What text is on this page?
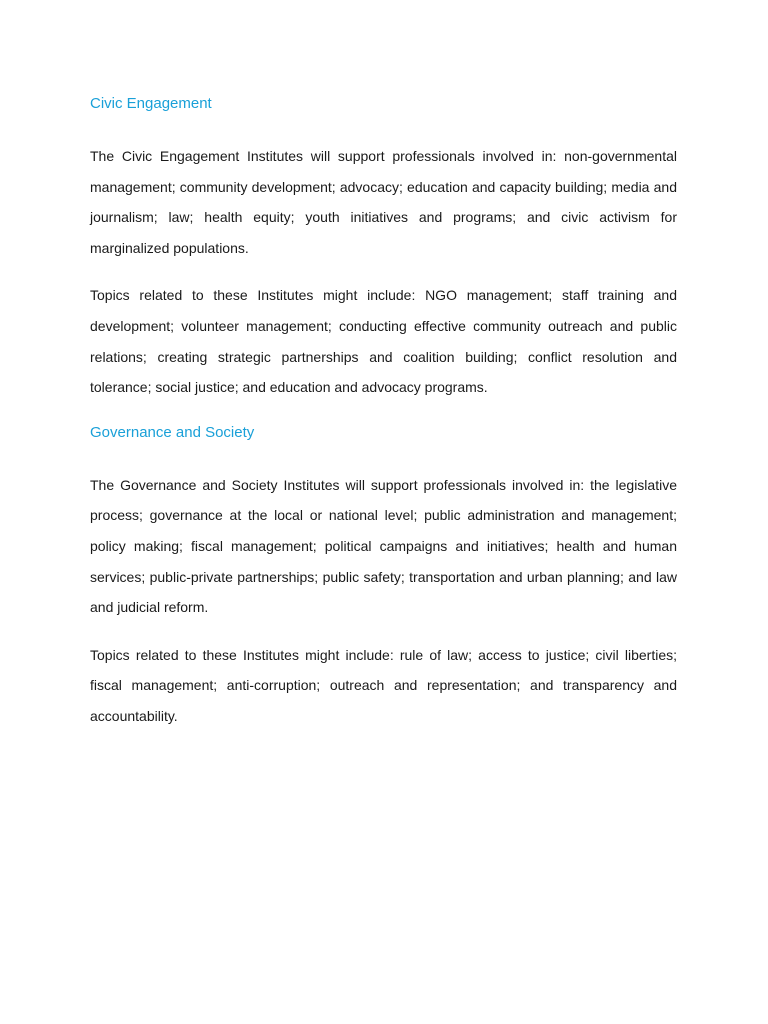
Civic Engagement

The Civic Engagement Institutes will support professionals involved in: non-governmental management; community development; advocacy; education and capacity building; media and journalism; law; health equity; youth initiatives and programs; and civic activism for marginalized populations.

Topics related to these Institutes might include: NGO management; staff training and development; volunteer management; conducting effective community outreach and public relations; creating strategic partnerships and coalition building; conflict resolution and tolerance; social justice; and education and advocacy programs.

Governance and Society

The Governance and Society Institutes will support professionals involved in: the legislative process; governance at the local or national level; public administration and management; policy making; fiscal management; political campaigns and initiatives; health and human services; public-private partnerships; public safety; transportation and urban planning; and law and judicial reform.

Topics related to these Institutes might include: rule of law; access to justice; civil liberties; fiscal management; anti-corruption; outreach and representation; and transparency and accountability.
